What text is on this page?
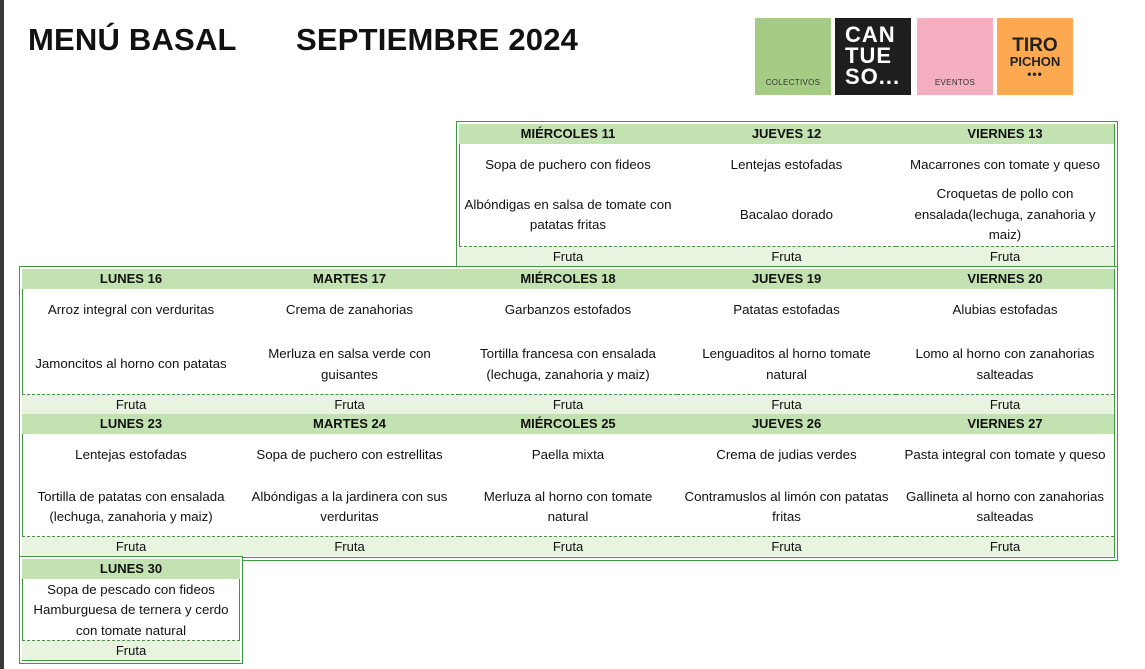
MENÚ BASAL SEPTIEMBRE 2024
COLECTIVOS
CAN
TUE
SO...	EVENTOS
TIRO
PICHON
•••
MIÉRCOLES 11
Sopa de puchero con fideos
Albóndigas en salsa de tomate con patatas fritas
Fruta
JUEVES 12
Lentejas estofadas
Bacalao dorado
Fruta
VIERNES 13
Macarrones con tomate y queso
Croquetas de pollo con ensalada(lechuga, zanahoria y maiz)
Fruta
LUNES 16
Arroz integral con verduritas
Jamoncitos al horno con patatas
Fruta
MARTES 17
Crema de zanahorias
Merluza en salsa verde con guisantes
Fruta
MIÉRCOLES 18
Garbanzos estofados
Tortilla francesa con ensalada (lechuga, zanahoria y maiz)
Fruta
JUEVES 19
Patatas estofadas
Lenguaditos al horno tomate natural
Fruta
VIERNES 20
Alubias estofadas
Lomo al horno con zanahorias salteadas
Fruta
LUNES 23
Lentejas estofadas
Tortilla de patatas con ensalada (lechuga, zanahoria y maiz)
Fruta
MARTES 24
Sopa de puchero con estrellitas
Albóndigas a la jardinera con sus verduritas
Fruta
MIÉRCOLES 25
Paella mixta
Merluza al horno con tomate natural
Fruta
JUEVES 26
Crema de judias verdes
Contramuslos al limón con patatas fritas
Fruta
VIERNES 27
Pasta integral con tomate y queso
Gallineta al horno con zanahorias salteadas
Fruta
LUNES 30
Sopa de pescado con fideos
Hamburguesa de ternera y cerdo con tomate natural
Fruta
